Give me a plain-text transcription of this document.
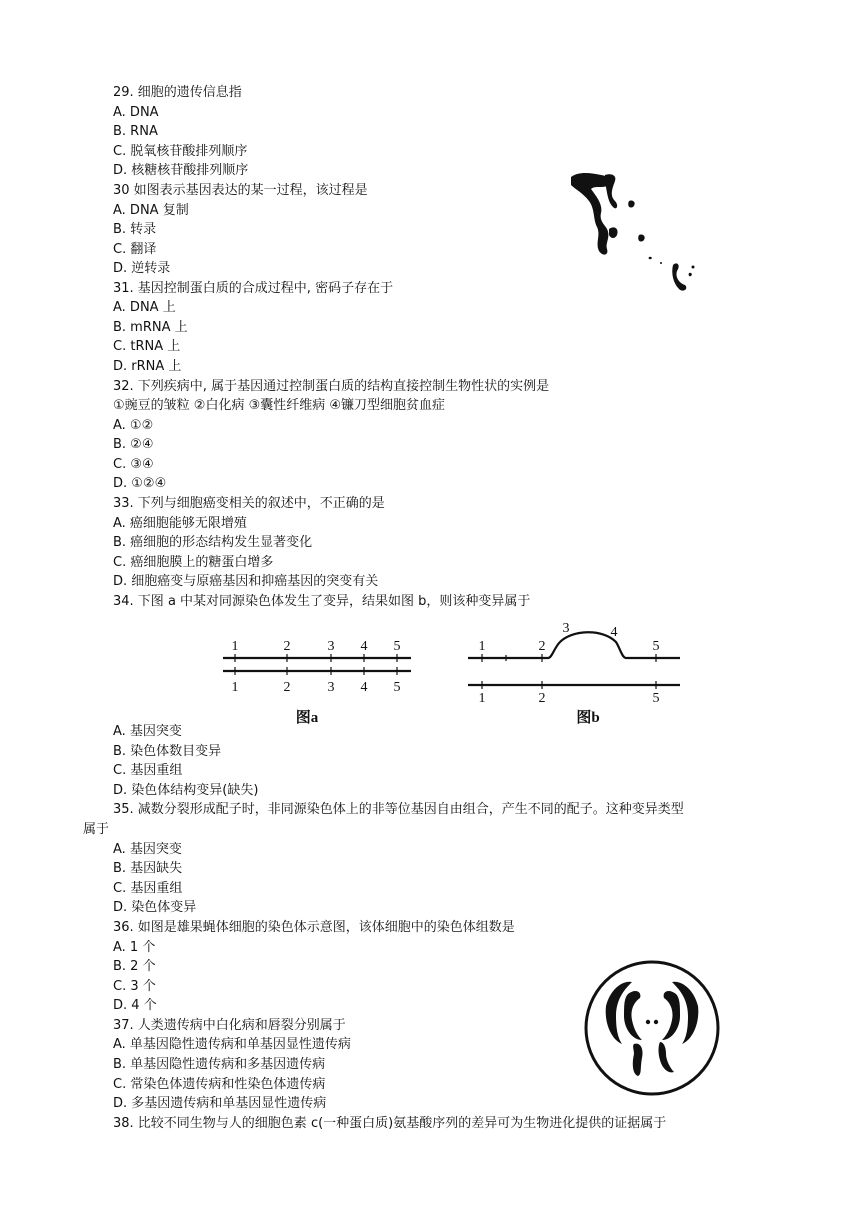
29. 细胞的遗传信息指
A. DNA
B. RNA
C. 脱氧核苷酸排列顺序
D. 核糖核苷酸排列顺序
30 如图表示基因表达的某一过程，该过程是
A. DNA 复制
B. 转录
C. 翻译
D. 逆转录
31. 基因控制蛋白质的合成过程中, 密码子存在于
A. DNA 上
B. mRNA 上
C. tRNA 上
D. rRNA 上
32. 下列疾病中, 属于基因通过控制蛋白质的结构直接控制生物性状的实例是
①豌豆的皱粒 ②白化病 ③囊性纤维病 ④镰刀型细胞贫血症
A. ①②
B. ②④
C. ③④
D. ①②④
33. 下列与细胞癌变相关的叙述中，不正确的是
A. 癌细胞能够无限增殖
B. 癌细胞的形态结构发生显著变化
C. 癌细胞膜上的糖蛋白增多
D. 细胞癌变与原癌基因和抑癌基因的突变有关
34. 下图 a 中某对同源染色体发生了变异，结果如图 b，则该种变异属于
1	2	3 4 5
1	2	3 4 5
图a
1	2
3	4
5
1	2	5
图b
A. 基因突变
B. 染色体数目变异
C. 基因重组
D. 染色体结构变异(缺失)
35. 减数分裂形成配子时，非同源染色体上的非等位基因自由组合，产生不同的配子。这种变异类型
属于
A. 基因突变
B. 基因缺失
C. 基因重组
D. 染色体变异
36. 如图是雄果蝇体细胞的染色体示意图，该体细胞中的染色体组数是
A. 1 个
B. 2 个
C. 3 个
D. 4 个
37. 人类遗传病中白化病和唇裂分别属于
A. 单基因隐性遗传病和单基因显性遗传病
B. 单基因隐性遗传病和多基因遗传病
C. 常染色体遗传病和性染色体遗传病
D. 多基因遗传病和单基因显性遗传病
38. 比较不同生物与人的细胞色素 c(一种蛋白质)氨基酸序列的差异可为生物进化提供的证据属于
